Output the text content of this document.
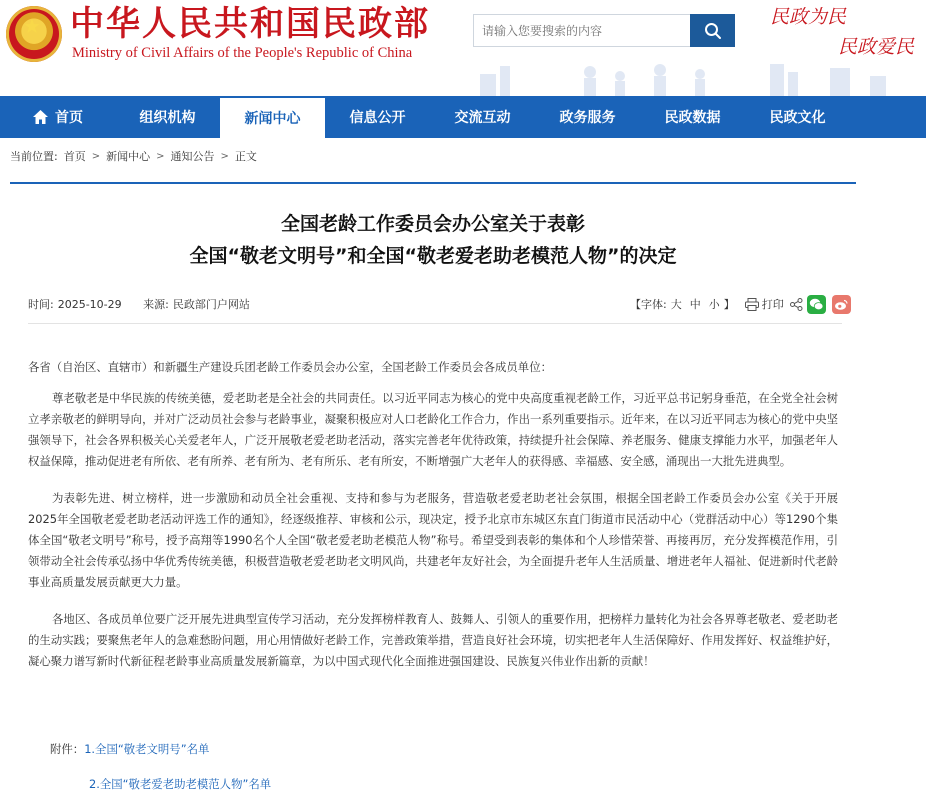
★ 中华人民共和国民政部
Ministry of Civil Affairs of the People's Republic of China
请输入您要搜索的内容
民政为民
民政爱民
首页	组织机构	新闻中心	信息公开	交流互动	政务服务	民政数据	民政文化
当前位置: 首页 > 新闻中心 > 通知公告 > 正文
全国老龄工作委员会办公室关于表彰
全国“敬老文明号”和全国“敬老爱老助老模范人物”的决定
时间: 2025-10-29 来源: 民政部门户网站	【字体: 大 中 小 】 打印

各省（自治区、直辖市）和新疆生产建设兵团老龄工作委员会办公室，全国老龄工作委员会各成员单位：

尊老敬老是中华民族的传统美德，爱老助老是全社会的共同责任。以习近平同志为核心的党中央高度重视老龄工作，习近平总书记躬身垂范，在全党全社会树立孝亲敬老的鲜明导向，并对广泛动员社会参与老龄事业，凝聚积极应对人口老龄化工作合力，作出一系列重要指示。近年来，在以习近平同志为核心的党中央坚强领导下，社会各界积极关心关爱老年人，广泛开展敬老爱老助老活动，落实完善老年优待政策，持续提升社会保障、养老服务、健康支撑能力水平，加强老年人权益保障，推动促进老有所依、老有所养、老有所为、老有所乐、老有所安，不断增强广大老年人的获得感、幸福感、安全感，涌现出一大批先进典型。

为表彰先进、树立榜样，进一步激励和动员全社会重视、支持和参与为老服务，营造敬老爱老助老社会氛围，根据全国老龄工作委员会办公室《关于开展2025年全国敬老爱老助老活动评选工作的通知》，经逐级推荐、审核和公示，现决定，授予北京市东城区东直门街道市民活动中心（党群活动中心）等1290个集体全国“敬老文明号”称号，授予高翔等1990名个人全国“敬老爱老助老模范人物”称号。希望受到表彰的集体和个人珍惜荣誉、再接再厉，充分发挥模范作用，引领带动全社会传承弘扬中华优秀传统美德，积极营造敬老爱老助老文明风尚，共建老年友好社会，为全面提升老年人生活质量、增进老年人福祉、促进新时代老龄事业高质量发展贡献更大力量。

各地区、各成员单位要广泛开展先进典型宣传学习活动，充分发挥榜样教育人、鼓舞人、引领人的重要作用，把榜样力量转化为社会各界尊老敬老、爱老助老的生动实践；要聚焦老年人的急难愁盼问题，用心用情做好老龄工作，完善政策举措，营造良好社会环境，切实把老年人生活保障好、作用发挥好、权益维护好，凝心聚力谱写新时代新征程老龄事业高质量发展新篇章，为以中国式现代化全面推进强国建设、民族复兴伟业作出新的贡献！

附件：1.全国“敬老文明号”名单
2.全国“敬老爱老助老模范人物”名单
